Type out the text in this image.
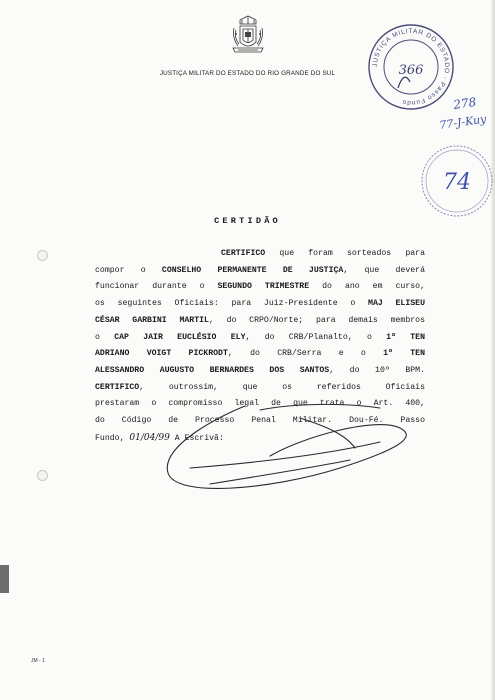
JUSTIÇA MILITAR DO ESTADO DO RIO GRANDE DO SUL
JUSTIÇA MILITAR DO ESTADO · Passo Fundo
366
278
77-J-Kuy
74
CERTIDÃO

CERTIFICO que foram sorteados para

compor o CONSELHO PERMANENTE DE JUSTIÇA, que deverá

funcionar durante o SEGUNDO TRIMESTRE do ano em curso,

os seguintes Oficiais: para Juiz-Presidente o MAJ ELISEU

CÉSAR GARBINI MARTIL, do CRPO/Norte; para demais membros

o CAP JAIR EUCLÉSIO ELY, do CRB/Planalto, o 1º TEN

ADRIANO VOIGT PICKRODT, do CRB/Serra e o 1º TEN

ALESSANDRO AUGUSTO BERNARDES DOS SANTOS, do 10º BPM.

CERTIFICO, outrossim, que os referidos Oficiais

prestaram o compromisso legal de que trata o Art. 400,

do Código de Processo Penal Militar. Dou-Fé. Passo

Fundo, 01/04/99 A Escrivã:

JM - 1
